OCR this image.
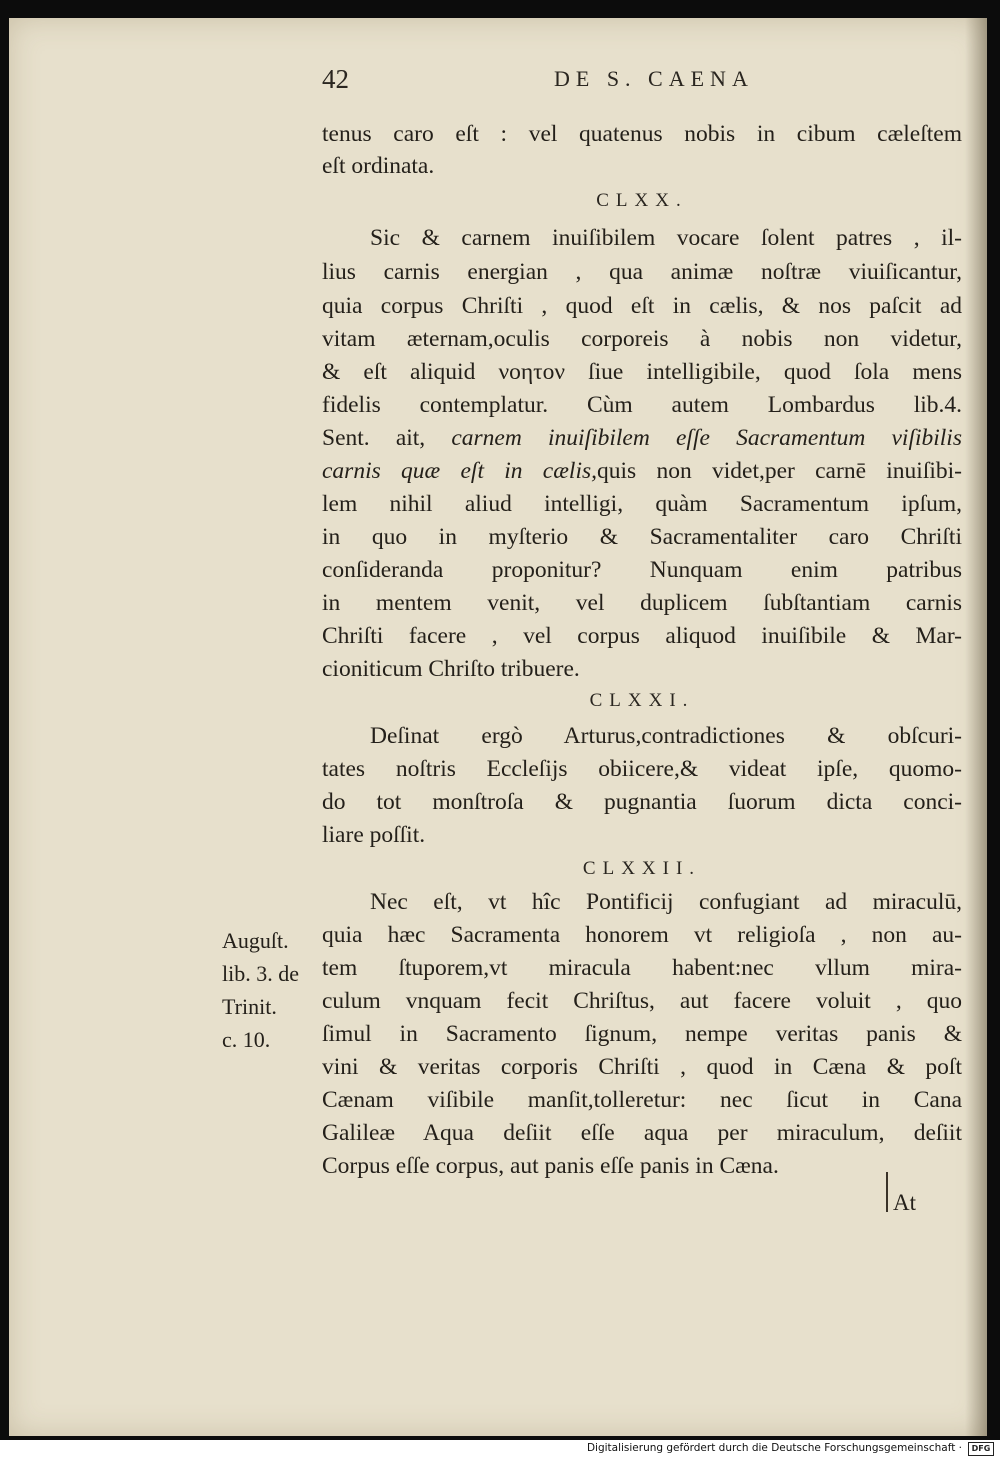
42	DE S. CAENA
tenus caro eſt : vel quatenus nobis in cibum cæleſtem
eſt ordinata.
CLXX.
Sic & carnem inuiſibilem vocare ſolent patres , il-
lius carnis energian , qua animæ noſtræ viuiſicantur,
quia corpus Chriſti , quod eſt in cælis, & nos paſcit ad
vitam æternam,oculis corporeis à nobis non videtur,
& eſt aliquid νοητον ſiue intelligibile, quod ſola mens
fidelis contemplatur. Cùm autem Lombardus lib.4.
Sent. ait, carnem inuiſibilem eſſe Sacramentum viſibilis
carnis quæ eſt in cælis,quis non videt,per carnē inuiſibi-
lem nihil aliud intelligi, quàm Sacramentum ipſum,
in quo in myſterio & Sacramentaliter caro Chriſti
conſideranda proponitur? Nunquam enim patribus
in mentem venit, vel duplicem ſubſtantiam carnis
Chriſti facere , vel corpus aliquod inuiſibile & Mar-
cioniticum Chriſto tribuere.
CLXXI.
Deſinat ergò Arturus,contradictiones & obſcuri-
tates noſtris Eccleſijs obiicere,& videat ipſe, quomo-
do tot monſtroſa & pugnantia ſuorum dicta conci-
liare poſſit.
CLXXII.
Nec eſt, vt hîc Pontificij confugiant ad miraculū,
quia hæc Sacramenta honorem vt religioſa , non au-
tem ſtuporem,vt miracula habent:nec vllum mira-
culum vnquam fecit Chriſtus, aut facere voluit , quo
ſimul in Sacramento ſignum, nempe veritas panis &
vini & veritas corporis Chriſti , quod in Cæna & poſt
Cænam viſibile manſit,tolleretur: nec ſicut in Cana
Galileæ Aqua deſiit eſſe aqua per miraculum, deſiit
Corpus eſſe corpus, aut panis eſſe panis in Cæna.
Auguſt.
lib. 3. de
Trinit.
c. 10.
At
Digitalisierung gefördert durch die Deutsche Forschungsgemeinschaft ·	DFG
